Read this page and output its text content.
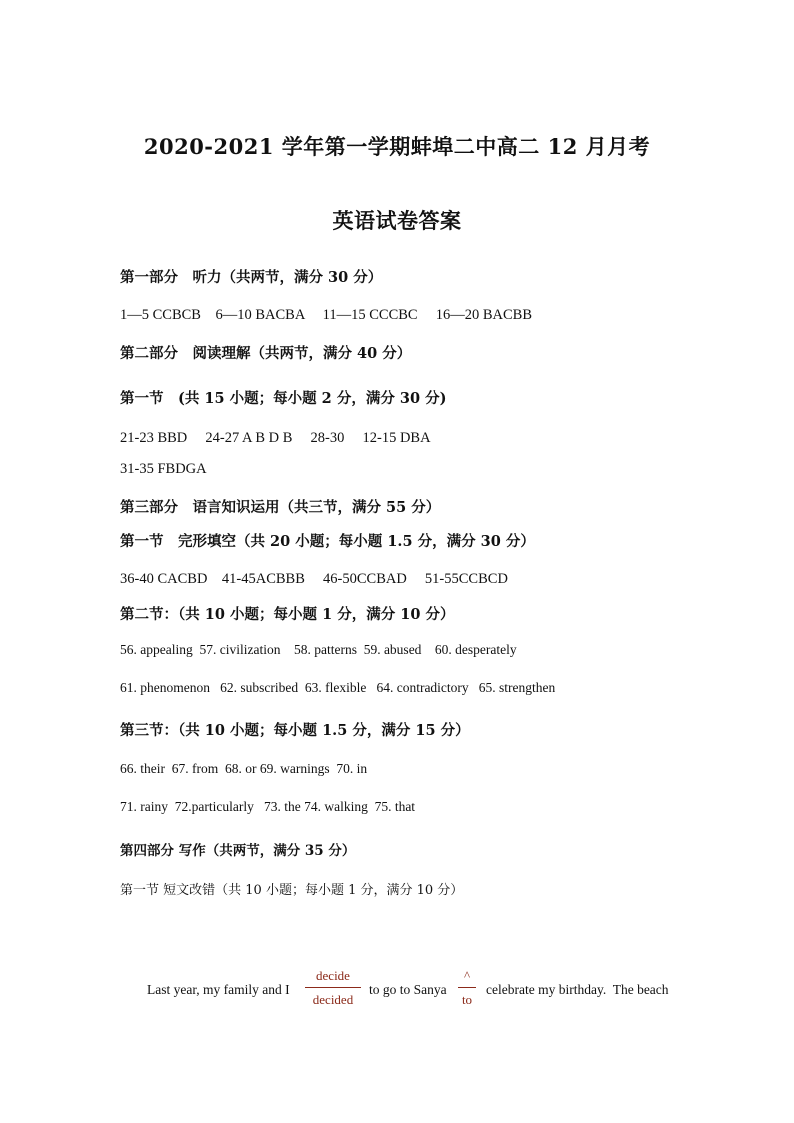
2020-2021 学年第一学期蚌埠二中高二 12 月月考
英语试卷答案
第一部分　听力（共两节，满分 30 分）
1—5 CCBCB　6—10 BACBA　 11—15 CCCBC　 16—20 BACBB
第二部分　阅读理解（共两节，满分 40 分）
第一节　(共 15 小题；每小题 2 分，满分 30 分)
21-23 BBD　 24-27 A B D B　 28-30　 12-15 DBA
31-35 FBDGA
第三部分　语言知识运用（共三节，满分 55 分）
第一节　完形填空（共 20 小题；每小题 1.5 分，满分 30 分）
36-40 CACBD　41-45ACBBB　 46-50CCBAD　 51-55CCBCD
第二节：（共 10 小题；每小题 1 分，满分 10 分）
56. appealing  57. civilization    58. patterns  59. abused    60. desperately
61. phenomenon   62. subscribed  63. flexible   64. contradictory   65. strengthen
第三节：（共 10 小题；每小题 1.5 分，满分 15 分）
66. their  67. from  68. or 69. warnings  70. in
71. rainy  72.particularly   73. the 74. walking  75. that
第四部分 写作（共两节，满分 35 分）
第一节 短文改错（共 10 小题；每小题 1 分，满分 10 分）
Last year, my family and I
decide
decided
to go to Sanya
^
to
celebrate my birthday.  The beach
